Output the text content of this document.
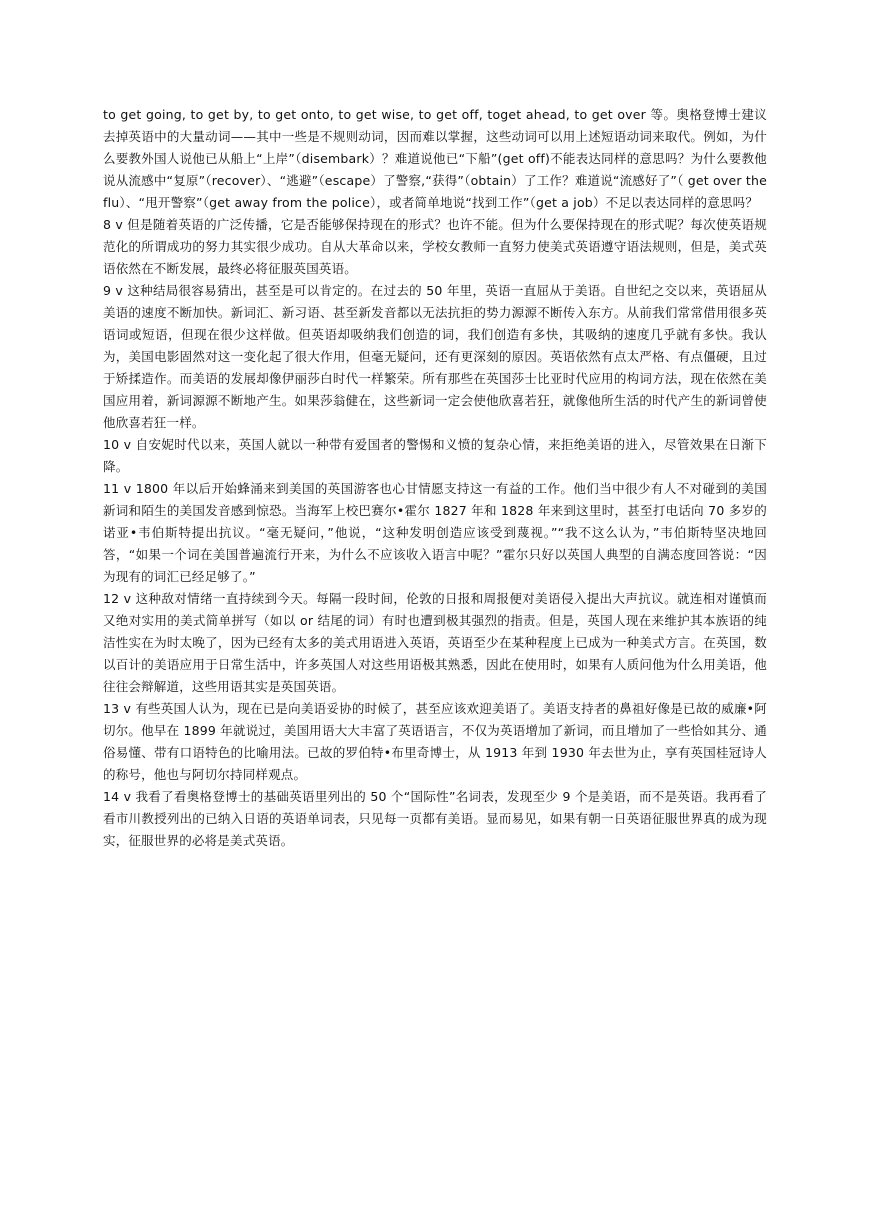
to get going, to get by, to get onto, to get wise, to get off, toget ahead, to get over 等。奥格登博士建议去掉英语中的大量动词——其中一些是不规则动词，因而难以掌握，这些动词可以用上述短语动词来取代。例如，为什么要教外国人说他已从船上“上岸”（disembark）？难道说他已“下船”(get off)不能表达同样的意思吗？为什么要教他说从流感中“复原”（recover）、“逃避”（escape）了警察,“获得”（obtain）了工作？难道说“流感好了”（ get over the flu）、“甩开警察”（get away from the police），或者简单地说“找到工作”（get a job）不足以表达同样的意思吗？

8 v 但是随着英语的广泛传播，它是否能够保持现在的形式？也许不能。但为什么要保持现在的形式呢？每次使英语规范化的所谓成功的努力其实很少成功。自从大革命以来，学校女教师一直努力使美式英语遵守语法规则，但是，美式英语依然在不断发展，最终必将征服英国英语。

9 v 这种结局很容易猜出，甚至是可以肯定的。在过去的 50 年里，英语一直屈从于美语。自世纪之交以来，英语屈从美语的速度不断加快。新词汇、新习语、甚至新发音都以无法抗拒的势力源源不断传入东方。从前我们常常借用很多英语词或短语，但现在很少这样做。但英语却吸纳我们创造的词，我们创造有多快，其吸纳的速度几乎就有多快。我认为，美国电影固然对这一变化起了很大作用，但毫无疑问，还有更深刻的原因。英语依然有点太严格、有点僵硬，且过于矫揉造作。而美语的发展却像伊丽莎白时代一样繁荣。所有那些在英国莎士比亚时代应用的构词方法，现在依然在美国应用着，新词源源不断地产生。如果莎翁健在，这些新词一定会使他欣喜若狂，就像他所生活的时代产生的新词曾使他欣喜若狂一样。

10 v 自安妮时代以来，英国人就以一种带有爱国者的警惕和义愤的复杂心情，来拒绝美语的进入，尽管效果在日渐下降。

11 v 1800 年以后开始蜂涌来到美国的英国游客也心甘情愿支持这一有益的工作。他们当中很少有人不对碰到的美国新词和陌生的美国发音感到惊恐。当海军上校巴赛尔•霍尔 1827 年和 1828 年来到这里时，甚至打电话向 70 多岁的诺亚•韦伯斯特提出抗议。“毫无疑问，”他说，“这种发明创造应该受到蔑视。”“我不这么认为，”韦伯斯特坚决地回答，“如果一个词在美国普遍流行开来，为什么不应该收入语言中呢？”霍尔只好以英国人典型的自满态度回答说：“因为现有的词汇已经足够了。”

12 v 这种敌对情绪一直持续到今天。每隔一段时间，伦敦的日报和周报便对美语侵入提出大声抗议。就连相对谨慎而又绝对实用的美式简单拼写（如以 or 结尾的词）有时也遭到极其强烈的指责。但是，英国人现在来维护其本族语的纯洁性实在为时太晚了，因为已经有太多的美式用语进入英语，英语至少在某种程度上已成为一种美式方言。在英国，数以百计的美语应用于日常生活中，许多英国人对这些用语极其熟悉，因此在使用时，如果有人质问他为什么用美语，他往往会辩解道，这些用语其实是英国英语。

13 v 有些英国人认为，现在已是向美语妥协的时候了，甚至应该欢迎美语了。美语支持者的鼻祖好像是已故的威廉•阿切尔。他早在 1899 年就说过，美国用语大大丰富了英语语言，不仅为英语增加了新词，而且增加了一些恰如其分、通俗易懂、带有口语特色的比喻用法。已故的罗伯特•布里奇博士，从 1913 年到 1930 年去世为止，享有英国桂冠诗人的称号，他也与阿切尔持同样观点。

14 v 我看了看奥格登博士的基础英语里列出的 50 个“国际性”名词表，发现至少 9 个是美语，而不是英语。我再看了看市川教授列出的已纳入日语的英语单词表，只见每一页都有美语。显而易见，如果有朝一日英语征服世界真的成为现实，征服世界的必将是美式英语。
